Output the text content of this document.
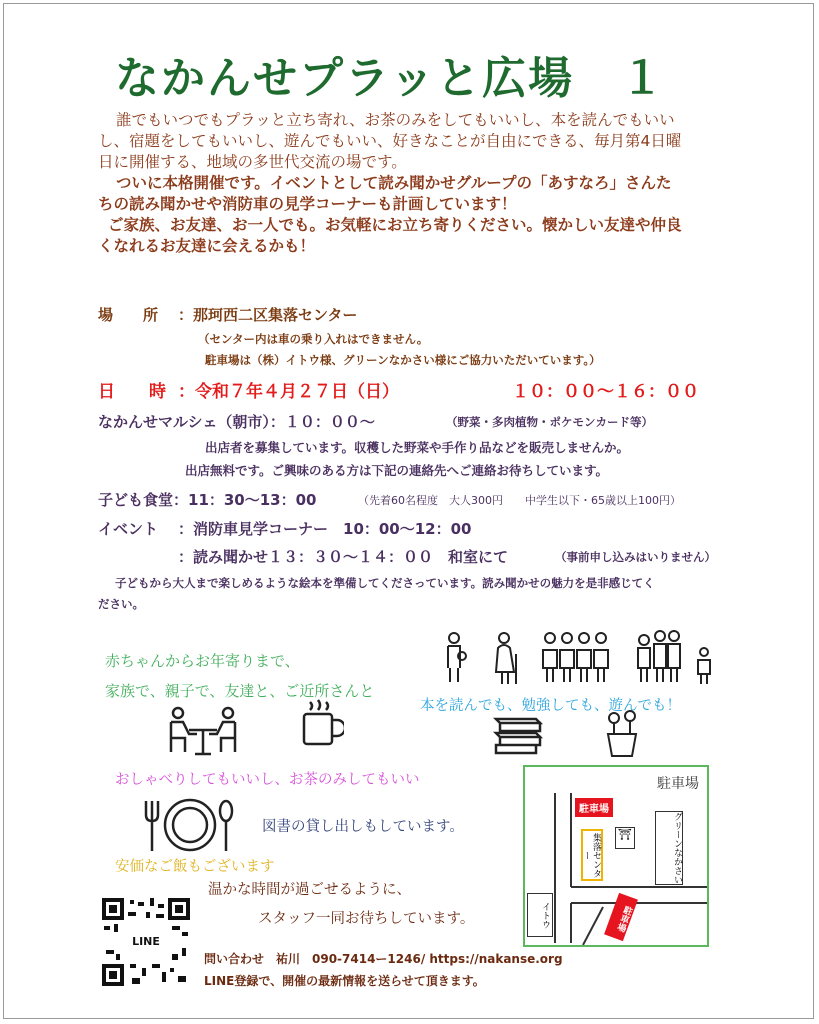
なかんせプラッと広場　１
誰でもいつでもプラッと立ち寄れ、お茶のみをしてもいいし、本を読んでもいい
し、宿題をしてもいいし、遊んでもいい、好きなことが自由にできる、毎月第4日曜
日に開催する、地域の多世代交流の場です。
ついに本格開催です。イベントとして読み聞かせグループの「あすなろ」さんた
ちの読み聞かせや消防車の見学コーナーも計画しています！
ご家族、お友達、お一人でも。お気軽にお立ち寄りください。懐かしい友達や仲良
くなれるお友達に会えるかも！
場　　所 ：那珂西二区集落センター
（センター内は車の乗り入れはできません。
駐車場は（株）イトウ様、グリーンなかさい様にご協力いただいています。）
日　　時 ：令和７年４月２７日（日）	１０：００～１６：００
なかんせマルシェ（朝市）：１０：００～	（野菜・多肉植物・ポケモンカード等）
出店者を募集しています。収穫した野菜や手作り品などを販売しませんか。
出店無料です。ご興味のある方は下記の連絡先へご連絡お待ちしています。
子ども食堂：11：30～13：00	（先着60名程度　大人300円　　中学生以下・65歳以上100円）
イベント ：消防車見学コーナー　10：00～12：00
：読み聞かせ１３：３０～１４：００　和室にて	（事前申し込みはいりません）
子どもから大人まで楽しめるような絵本を準備してくださっています。読み聞かせの魅力を是非感じてく
ださい。
赤ちゃんからお年寄りまで、
家族で、親子で、友達と、ご近所さんと
本を読んでも、勉強しても、遊んでも！
おしゃべりしてもいいし、お茶のみしてもいい
図書の貸し出しもしています。
安価なご飯もございます
温かな時間が過ごせるように、
スタッフ一同お待ちしています。
駐車場
駐車場
集落センター
⛩	グリーンなかさい
イトウ	駐車場
LINE
問い合わせ　祐川　090-7414ー1246/ https://nakanse.org
LINE登録で、開催の最新情報を送らせて頂きます。
